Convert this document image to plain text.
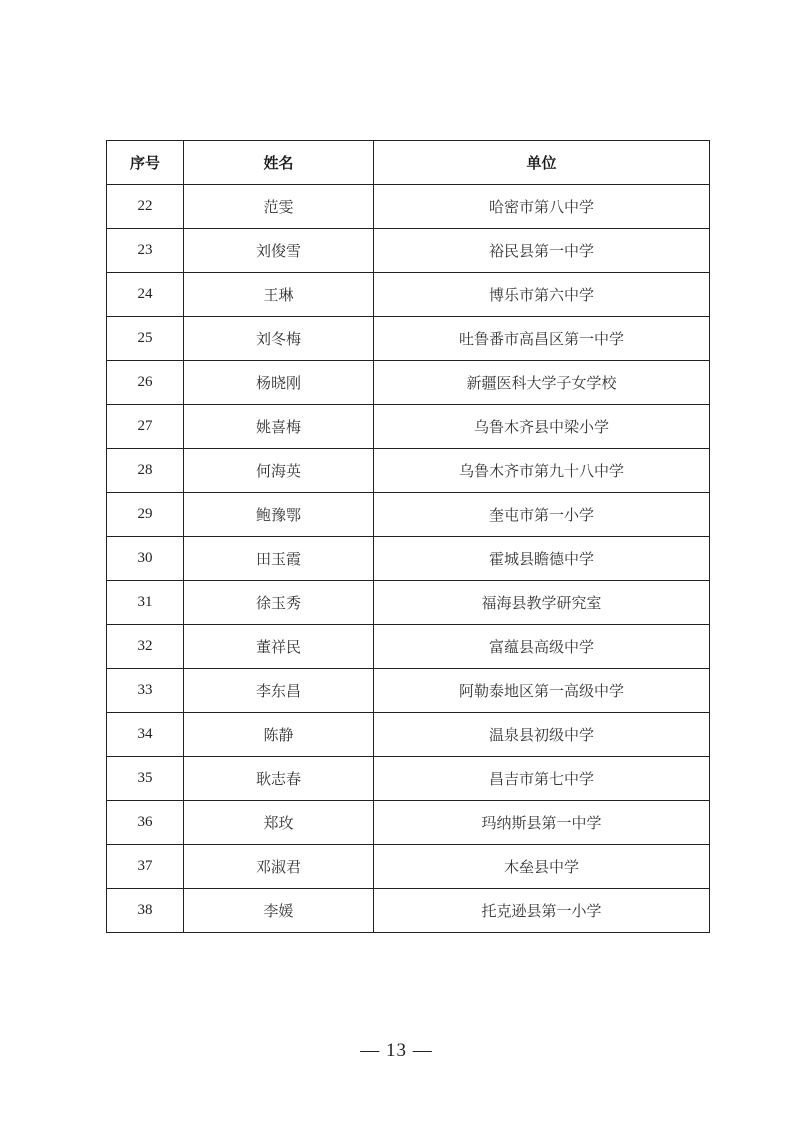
序号	姓名	单位
22	范雯	哈密市第八中学
23	刘俊雪	裕民县第一中学
24	王琳	博乐市第六中学
25	刘冬梅	吐鲁番市高昌区第一中学
26	杨晓刚	新疆医科大学子女学校
27	姚喜梅	乌鲁木齐县中梁小学
28	何海英	乌鲁木齐市第九十八中学
29	鲍豫鄂	奎屯市第一小学
30	田玉霞	霍城县瞻德中学
31	徐玉秀	福海县教学研究室
32	董祥民	富蕴县高级中学
33	李东昌	阿勒泰地区第一高级中学
34	陈静	温泉县初级中学
35	耿志春	昌吉市第七中学
36	郑玫	玛纳斯县第一中学
37	邓淑君	木垒县中学
38	李媛	托克逊县第一小学
— 13 —
